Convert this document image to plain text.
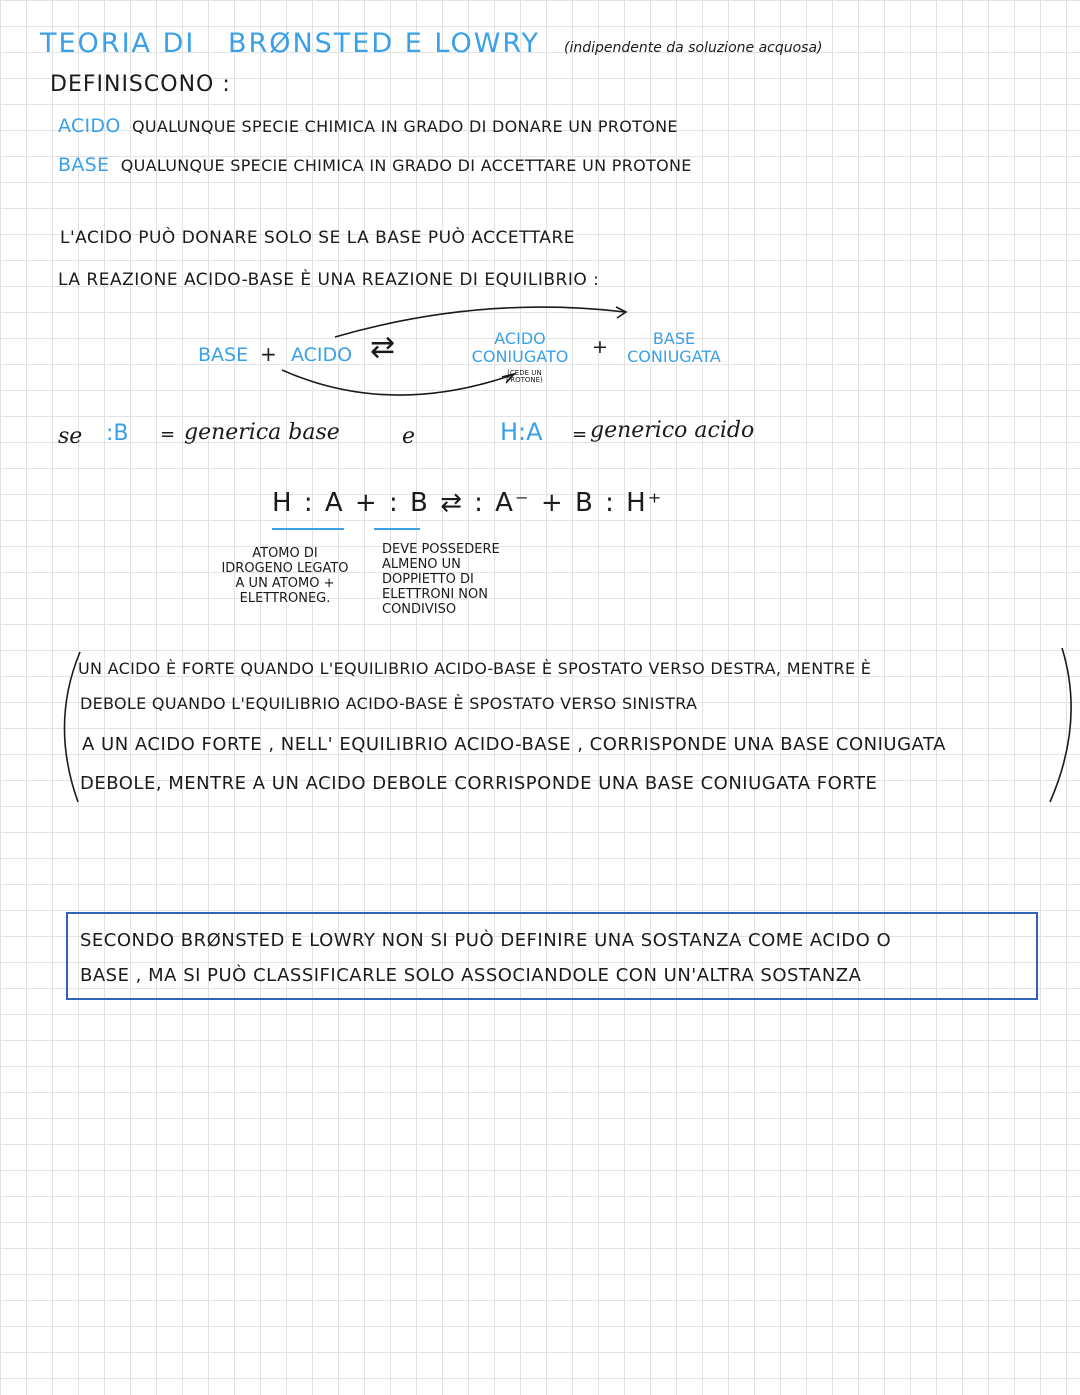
TEORIA DI BRØNSTED E LOWRY (indipendente da soluzione acquosa)
DEFINISCONO :
ACIDO QUALUNQUE SPECIE CHIMICA IN GRADO DI DONARE UN PROTONE
BASE QUALUNQUE SPECIE CHIMICA IN GRADO DI ACCETTARE UN PROTONE
L'ACIDO PUÒ DONARE SOLO SE LA BASE PUÒ ACCETTARE
LA REAZIONE ACIDO-BASE È UNA REAZIONE DI EQUILIBRIO :
BASE + ACIDO ⇄	ACIDO
CONIUGATO
(CEDE UN
PROTONE)
+	BASE
CONIUGATA
se :B = generica base	e	H:A = generico acido
H : A + : B ⇄ : A⁻ + B : H⁺
ATOMO DI IDROGENO LEGATO A UN ATOMO + ELETTRONEG.
DEVE POSSEDERE ALMENO UN DOPPIETTO DI ELETTRONI NON CONDIVISO
UN ACIDO È FORTE QUANDO L'EQUILIBRIO ACIDO-BASE È SPOSTATO VERSO DESTRA, MENTRE È
DEBOLE QUANDO L'EQUILIBRIO ACIDO-BASE È SPOSTATO VERSO SINISTRA
A UN ACIDO FORTE , NELL' EQUILIBRIO ACIDO-BASE , CORRISPONDE UNA BASE CONIUGATA
DEBOLE, MENTRE A UN ACIDO DEBOLE CORRISPONDE UNA BASE CONIUGATA FORTE
SECONDO BRØNSTED E LOWRY NON SI PUÒ DEFINIRE UNA SOSTANZA COME ACIDO O
BASE , MA SI PUÒ CLASSIFICARLE SOLO ASSOCIANDOLE CON UN'ALTRA SOSTANZA
